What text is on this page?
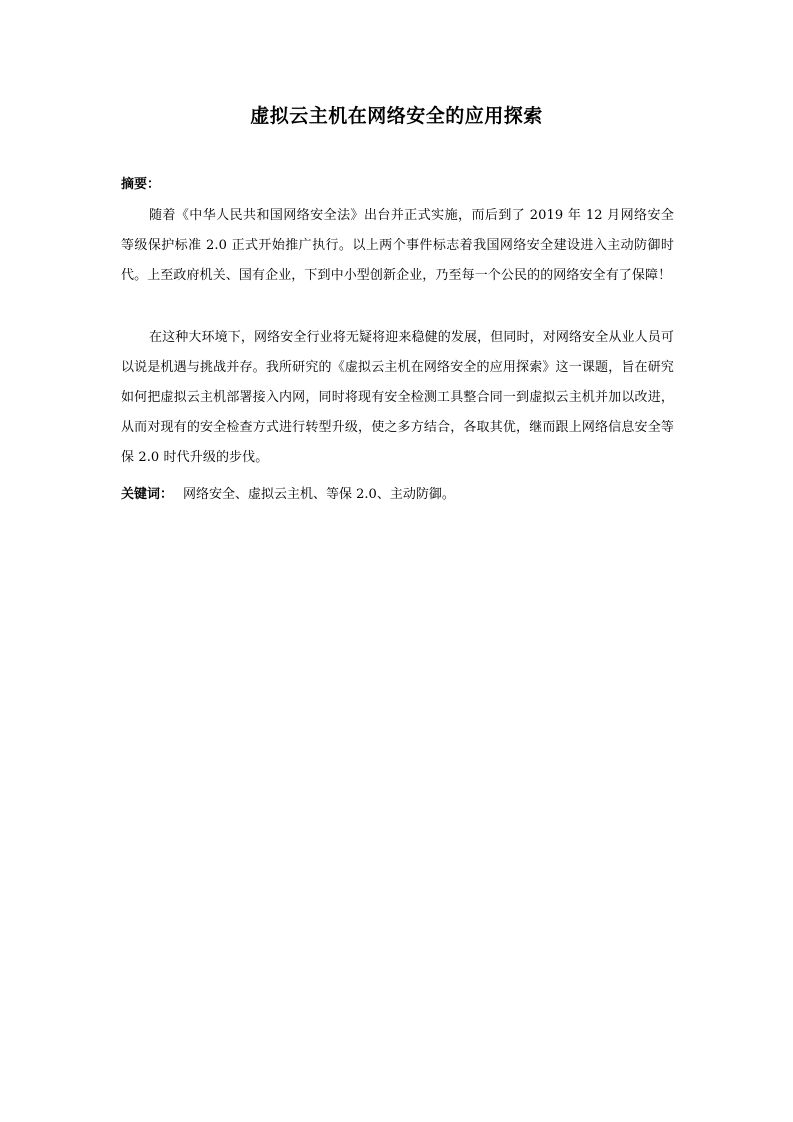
虚拟云主机在网络安全的应用探索
摘要：
随着《中华人民共和国网络安全法》出台并正式实施，而后到了 2019 年 12 月网络安全等级保护标准 2.0 正式开始推广执行。以上两个事件标志着我国网络安全建设进入主动防御时代。上至政府机关、国有企业，下到中小型创新企业，乃至每一个公民的的网络安全有了保障！
在这种大环境下，网络安全行业将无疑将迎来稳健的发展，但同时，对网络安全从业人员可以说是机遇与挑战并存。我所研究的《虚拟云主机在网络安全的应用探索》这一课题，旨在研究如何把虚拟云主机部署接入内网，同时将现有安全检测工具整合同一到虚拟云主机并加以改进，从而对现有的安全检查方式进行转型升级，使之多方结合，各取其优，继而跟上网络信息安全等保 2.0 时代升级的步伐。
关键词： 网络安全、虚拟云主机、等保 2.0、主动防御。
